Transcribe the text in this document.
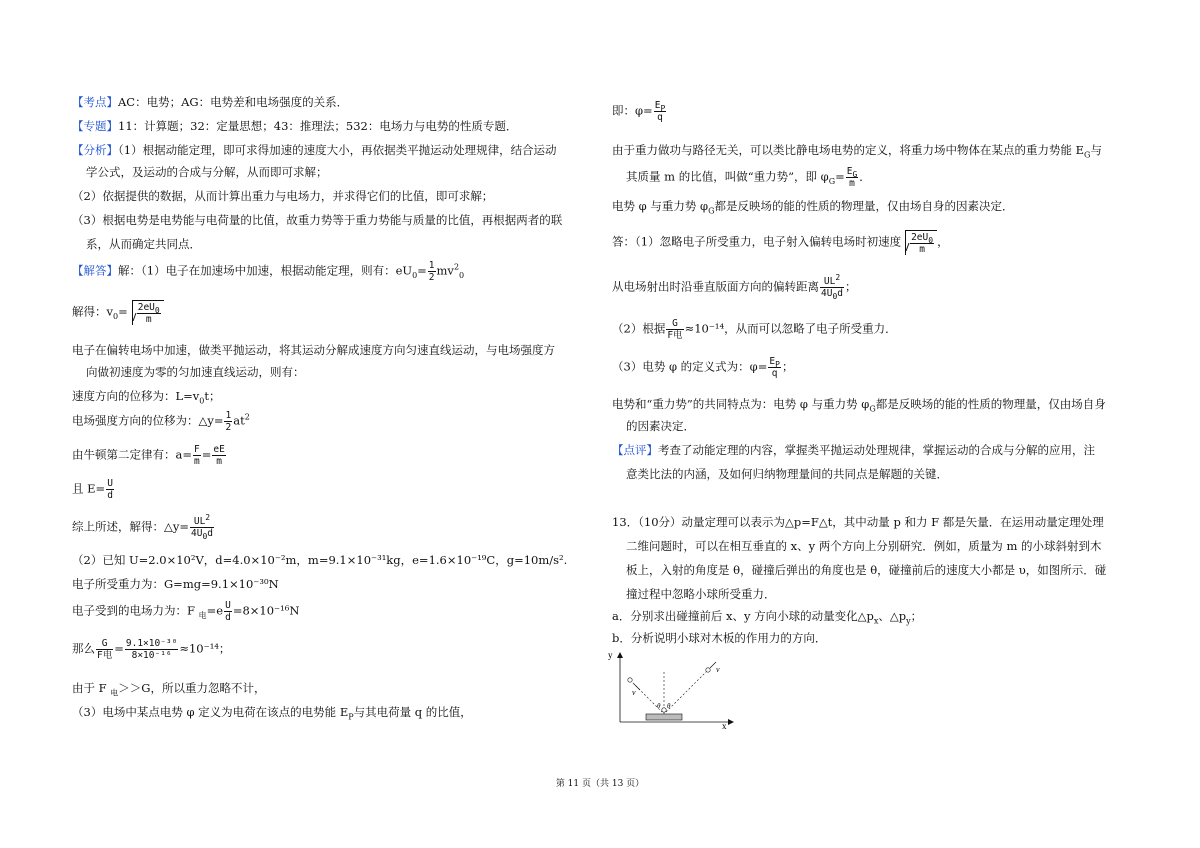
【考点】AC：电势；AG：电势差和电场强度的关系．
【专题】11：计算题；32：定量思想；43：推理法；532：电场力与电势的性质专题．
【分析】（1）根据动能定理，即可求得加速的速度大小，再依据类平抛运动处理规律，结合运动
学公式，及运动的合成与分解，从而即可求解；
（2）依据提供的数据，从而计算出重力与电场力，并求得它们的比值，即可求解；
（3）根据电势是电势能与电荷量的比值，故重力势等于重力势能与质量的比值，再根据两者的联
系，从而确定共同点．
【解答】解：（1）电子在加速场中加速，根据动能定理，则有：$eU_0= \frac{1}{2} mv^2_0$
解得：$v_0= \frac{2eU_0}{m}$
电子在偏转电场中加速，做类平抛运动，将其运动分解成速度方向匀速直线运动，与电场强度方
向做初速度为零的匀加速直线运动，则有：
速度方向的位移为：$L=v_0t$；
电场强度方向的位移为：△y= $\frac{1}{2} at^2$
由牛顿第二定律有：$a= \frac{F}{m} = \frac{eE}{m}$
且 $E= \frac{U}{d}$
综上所述，解得：△y= $\frac{UL^2}{4U_0d}$
（2）已知 U=2.0×10²V，d=4.0×10⁻²m，m=9.1×10⁻³¹kg，e=1.6×10⁻¹⁹C，g=10m/s².
电子所受重力为：G=mg=9.1×10⁻³⁰N
电子受到的电场力为：F $_电=e \frac{U}{d} =8\times 10^{-16}N$
那么 $\frac{G}{\text{F电}} = \frac{\text{9.1×10⁻³⁰}}{\text{8×10⁻¹⁶}} \approx 10^{-14}$；
由于 F $_电$＞＞G，所以重力忽略不计，
（3）电场中某点电势 φ 定义为电荷在该点的电势能 $E_P$与其电荷量 q 的比值，
即：$\varphi= \frac{E_P}{q}$
由于重力做功与路径无关，可以类比静电场电势的定义，将重力场中物体在某点的重力势能 $E_G$与
其质量 m 的比值，叫做“重力势”，即 $\varphi_G= \frac{E_G}{m}$ ．
电势 φ 与重力势 $\varphi_G$都是反映场的能的性质的物理量，仅由场自身的因素决定．
答：（1）忽略电子所受重力，电子射入偏转电场时初速度 $\frac{2eU_0}{m}$ ，
从电场射出时沿垂直版面方向的偏转距离 $\frac{UL^2}{4U_0d}$ ；
（2）根据 $\frac{G}{\text{F电}} \approx 10^{-14}$，从而可以忽略了电子所受重力．
（3）电势 φ 的定义式为：$\varphi= \frac{E_P}{q}$ ；
电势和“重力势”的共同特点为：电势 φ 与重力势 $\varphi_G$都是反映场的能的性质的物理量，仅由场自身
的因素决定．
【点评】考查了动能定理的内容，掌握类平抛运动处理规律，掌握运动的合成与分解的应用，注
意类比法的内涵，及如何归纳物理量间的共同点是解题的关键．
13．（10分）动量定理可以表示为△p=F△t，其中动量 p 和力 F 都是矢量．在运用动量定理处理
二维问题时，可以在相互垂直的 x、y 两个方向上分别研究．例如，质量为 m 的小球斜射到木
板上，入射的角度是 θ，碰撞后弹出的角度也是 θ，碰撞前后的速度大小都是 υ，如图所示．碰
撞过程中忽略小球所受重力．
a．分别求出碰撞前后 x、y 方向小球的动量变化$\triangle p_x$、$\triangle p_y$；
b．分析说明小球对木板的作用力的方向．
y
x
v
v
θ θ
第 11 页（共 13 页）
